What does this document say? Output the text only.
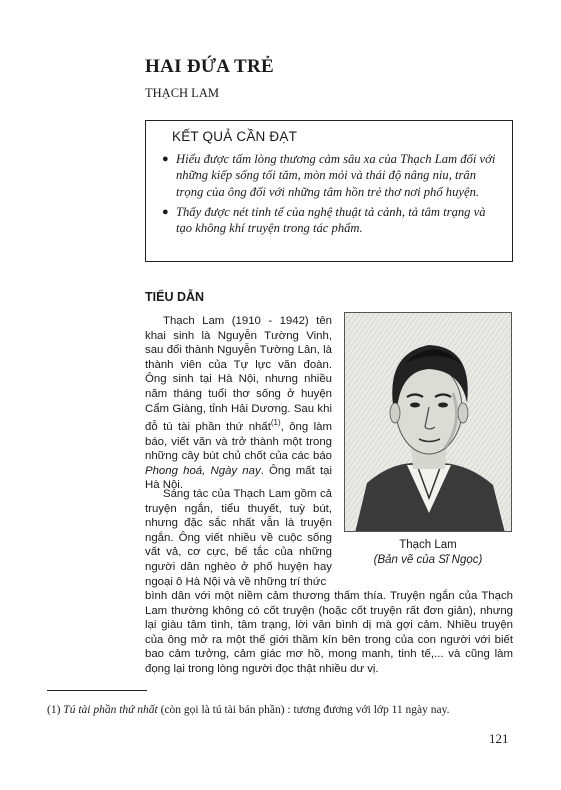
HAI ĐỨA TRẺ
THẠCH LAM
KẾT QUẢ CẦN ĐẠT
● Hiểu được tấm lòng thương cảm sâu xa của Thạch Lam đối với những kiếp sống tối tăm, mòn mỏi và thái độ nâng niu, trân trọng của ông đối với những tâm hồn trẻ thơ nơi phố huyện.
● Thấy được nét tinh tế của nghệ thuật tả cảnh, tả tâm trạng và tạo không khí truyện trong tác phẩm.
TIỂU DẪN

Thạch Lam (1910 - 1942) tên khai sinh là Nguyễn Tường Vinh, sau đổi thành Nguyễn Tường Lân, là thành viên của Tự lực văn đoàn. Ông sinh tại Hà Nội, nhưng nhiều năm tháng tuổi thơ sống ở huyện Cẩm Giàng, tỉnh Hải Dương. Sau khi đỗ tú tài phần thứ nhất$^{(1)}$, ông làm báo, viết văn và trở thành một trong những cây bút chủ chốt của các báo Phong hoá, Ngày nay. Ông mất tại Hà Nội.

Sáng tác của Thạch Lam gồm cả truyện ngắn, tiểu thuyết, tuỳ bút, nhưng đặc sắc nhất vẫn là truyện ngắn. Ông viết nhiều về cuộc sống vất vả, cơ cực, bế tắc của những người dân nghèo ở phố huyện hay ngoại ô Hà Nội và về những trí thức

bình dân với một niềm cảm thương thấm thía. Truyện ngắn của Thạch Lam thường không có cốt truyện (hoặc cốt truyện rất đơn giản), nhưng lại giàu tâm tình, tâm trạng, lời văn bình dị mà gợi cảm. Nhiều truyện của ông mở ra một thế giới thầm kín bên trong của con người với biết bao cảm tưởng, cảm giác mơ hồ, mong manh, tinh tế,... và cũng làm đọng lại trong lòng người đọc thật nhiều dư vị.

Thạch Lam
(Bản vẽ của Sĩ Ngọc)
(1) Tú tài phần thứ nhất (còn gọi là tú tài bán phần) : tương đương với lớp 11 ngày nay.
121
